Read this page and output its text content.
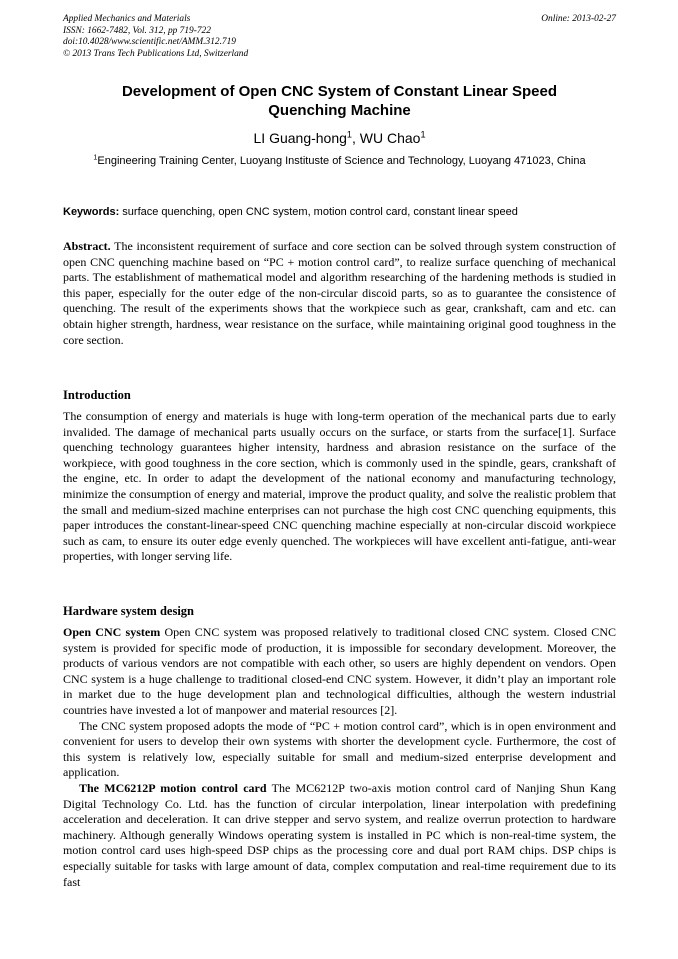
Applied Mechanics and Materials
ISSN: 1662-7482, Vol. 312, pp 719-722
doi:10.4028/www.scientific.net/AMM.312.719
© 2013 Trans Tech Publications Ltd, Switzerland
Online: 2013-02-27
Development of Open CNC System of Constant Linear Speed
Quenching Machine
LI Guang-hong$^1$, WU Chao$^1$
$^1$Engineering Training Center, Luoyang Instituste of Science and Technology, Luoyang 471023, China
Keywords: surface quenching, open CNC system, motion control card, constant linear speed

Abstract. The inconsistent requirement of surface and core section can be solved through system construction of open CNC quenching machine based on “PC + motion control card”, to realize surface quenching of mechanical parts. The establishment of mathematical model and algorithm researching of the hardening methods is studied in this paper, especially for the outer edge of the non-circular discoid parts, so as to guarantee the consistence of quenching. The result of the experiments shows that the workpiece such as gear, crankshaft, cam and etc. can obtain higher strength, hardness, wear resistance on the surface, while maintaining original good toughness in the core section.

Introduction

The consumption of energy and materials is huge with long-term operation of the mechanical parts due to early invalided. The damage of mechanical parts usually occurs on the surface, or starts from the surface[1]. Surface quenching technology guarantees higher intensity, hardness and abrasion resistance on the surface of the workpiece, with good toughness in the core section, which is commonly used in the spindle, gears, crankshaft of the engine, etc. In order to adapt the development of the national economy and manufacturing technology, minimize the consumption of energy and material, improve the product quality, and solve the realistic problem that the small and medium-sized machine enterprises can not purchase the high cost CNC quenching equipments, this paper introduces the constant-linear-speed CNC quenching machine especially at non-circular discoid workpiece such as cam, to ensure its outer edge evenly quenched. The workpieces will have excellent anti-fatigue, anti-wear properties, with longer serving life.

Hardware system design

Open CNC system Open CNC system was proposed relatively to traditional closed CNC system. Closed CNC system is provided for specific mode of production, it is impossible for secondary development. Moreover, the products of various vendors are not compatible with each other, so users are highly dependent on vendors. Open CNC system is a huge challenge to traditional closed-end CNC system. However, it didn’t play an important role in market due to the huge development plan and technological difficulties, although the western industrial countries have invested a lot of manpower and material resources [2].

The CNC system proposed adopts the mode of “PC + motion control card”, which is in open environment and convenient for users to develop their own systems with shorter the development cycle. Furthermore, the cost of this system is relatively low, especially suitable for small and medium-sized enterprise development and application.

The MC6212P motion control card The MC6212P two-axis motion control card of Nanjing Shun Kang Digital Technology Co. Ltd. has the function of circular interpolation, linear interpolation with predefining acceleration and deceleration. It can drive stepper and servo system, and realize overrun protection to hardware machinery. Although generally Windows operating system is installed in PC which is non-real-time system, the motion control card uses high-speed DSP chips as the processing core and dual port RAM chips. DSP chips is especially suitable for tasks with large amount of data, complex computation and real-time requirement due to its fast
